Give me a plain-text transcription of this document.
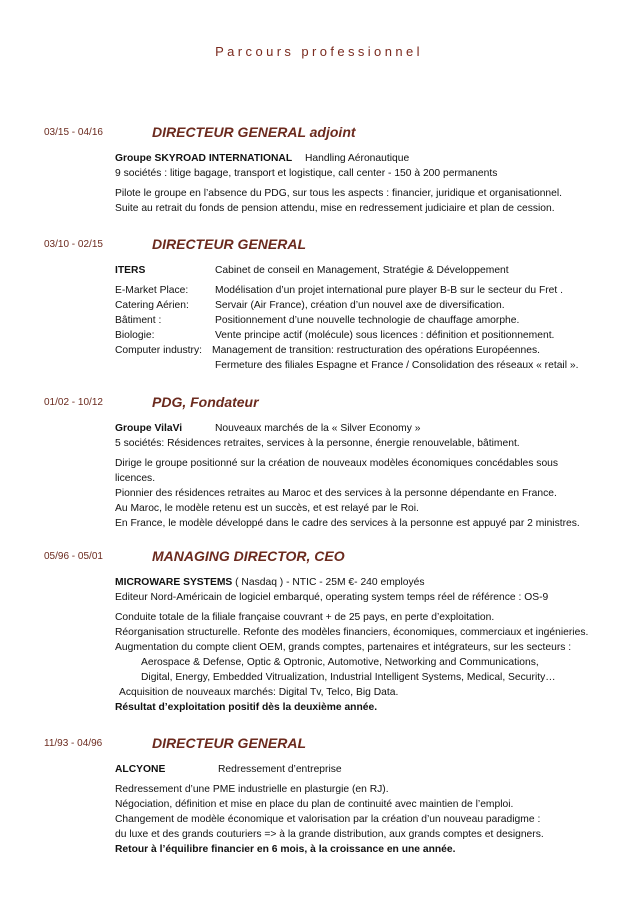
Parcours professionnel
03/15 - 04/16	DIRECTEUR GENERAL adjoint
Groupe SKYROAD INTERNATIONAL Handling Aéronautique
9 sociétés : litige bagage, transport et logistique, call center - 150 à 200 permanents
Pilote le groupe en l’absence du PDG, sur tous les aspects : financier, juridique et organisationnel.
Suite au retrait du fonds de pension attendu, mise en redressement judiciaire et plan de cession.
03/10 - 02/15	DIRECTEUR GENERAL
ITERS	Cabinet de conseil en Management, Stratégie & Développement
E-Market Place:	Modélisation d’un projet international pure player B-B sur le secteur du Fret .
Catering Aérien:	Servair (Air France), création d’un nouvel axe de diversification.
Bâtiment :	Positionnement d’une nouvelle technologie de chauffage amorphe.
Biologie:	Vente principe actif (molécule) sous licences : définition et positionnement.
Computer industry: Management de transition: restructuration des opérations Européennes.
Fermeture des filiales Espagne et France / Consolidation des réseaux « retail ».
01/02 - 10/12	PDG, Fondateur
Groupe VilaVi	Nouveaux marchés de la « Silver Economy »
5 sociétés: Résidences retraites, services à la personne, énergie renouvelable, bâtiment.
Dirige le groupe positionné sur la création de nouveaux modèles économiques concédables sous
licences.
Pionnier des résidences retraites au Maroc et des services à la personne dépendante en France.
Au Maroc, le modèle retenu est un succès, et est relayé par le Roi.
En France, le modèle développé dans le cadre des services à la personne est appuyé par 2 ministres.
05/96 - 05/01	MANAGING DIRECTOR, CEO
MICROWARE SYSTEMS ( Nasdaq ) - NTIC - 25M €- 240 employés
Editeur Nord-Américain de logiciel embarqué, operating system temps réel de référence : OS-9
Conduite totale de la filiale française couvrant + de 25 pays, en perte d’exploitation.
Réorganisation structurelle. Refonte des modèles financiers, économiques, commerciaux et ingénieries.
Augmentation du compte client OEM, grands comptes, partenaires et intégrateurs, sur les secteurs :
Aerospace & Defense, Optic & Optronic, Automotive, Networking and Communications,
Digital, Energy, Embedded Vitrualization, Industrial Intelligent Systems, Medical, Security…
Acquisition de nouveaux marchés: Digital Tv, Telco, Big Data.
Résultat d’exploitation positif dès la deuxième année.
11/93 - 04/96	DIRECTEUR GENERAL
ALCYONE	Redressement d’entreprise
Redressement d’une PME industrielle en plasturgie (en RJ).
Négociation, définition et mise en place du plan de continuité avec maintien de l’emploi.
Changement de modèle économique et valorisation par la création d’un nouveau paradigme :
du luxe et des grands couturiers => à la grande distribution, aux grands comptes et designers.
Retour à l’équilibre financier en 6 mois, à la croissance en une année.
